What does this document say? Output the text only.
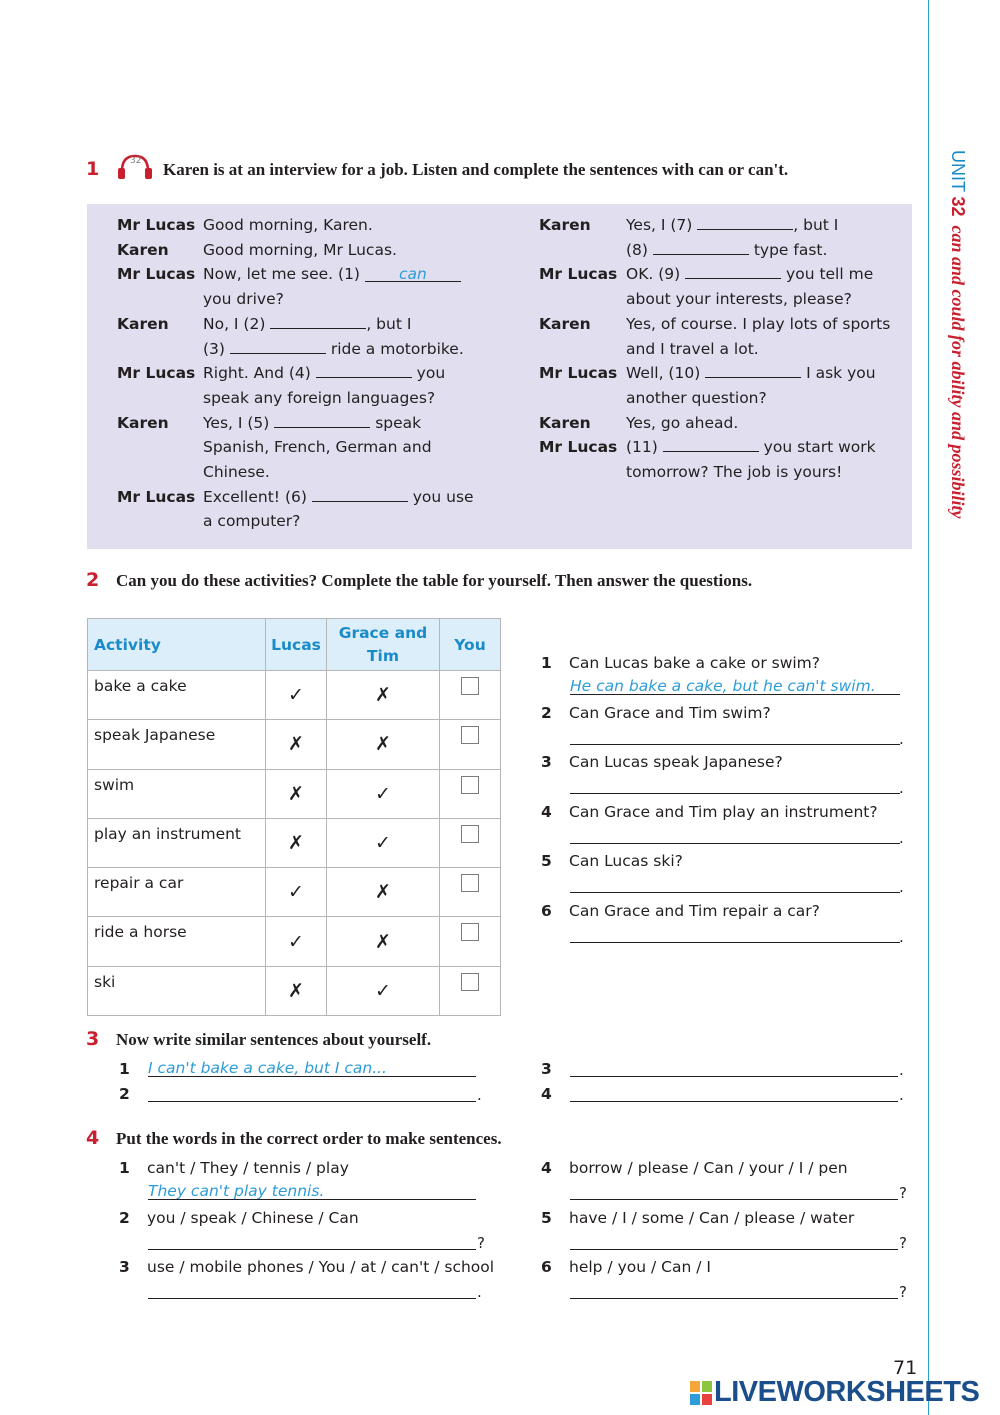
UNIT 32  can and could for ability and possibility
1	32 Karen is at an interview for a job. Listen and complete the sentences with can or can't.
Mr Lucas Good morning, Karen.
Karen Good morning, Mr Lucas.
Mr Lucas Now, let me see. (1) can
you drive?
Karen No, I (2)	, but I
(3)	ride a motorbike.
Mr Lucas Right. And (4)	you
speak any foreign languages?
Karen Yes, I (5)	speak
Spanish, French, German and
Chinese.
Mr Lucas Excellent! (6)	you use
a computer?
Karen Yes, I (7)	, but I
(8)	type fast.
Mr Lucas OK. (9)	you tell me
about your interests, please?
Karen Yes, of course. I play lots of sports
and I travel a lot.
Mr Lucas Well, (10)	I ask you
another question?
Karen Yes, go ahead.
Mr Lucas (11)	you start work
tomorrow? The job is yours!
2 Can you do these activities? Complete the table for yourself. Then answer the questions.
Activity	Lucas	Grace and Tim	You
bake a cake	✓	✗	
speak Japanese	✗	✗	
swim	✗	✓	
play an instrument	✗	✓	
repair a car	✓	✗	
ride a horse	✓	✗	
ski	✗	✓	
1 Can Lucas bake a cake or swim?
He can bake a cake, but he can't swim.
2 Can Grace and Tim swim?
.
3 Can Lucas speak Japanese?
.
4 Can Grace and Tim play an instrument?
.
5 Can Lucas ski?
.
6 Can Grace and Tim repair a car?
.
3 Now write similar sentences about yourself.
1	I can't bake a cake, but I can...
2	.
3	.
4	.
4 Put the words in the correct order to make sentences.
1 can't / They / tennis / play
They can't play tennis.
2 you / speak / Chinese / Can
?
3 use / mobile phones / You / at / can't / school
.
4 borrow / please / Can / your / I / pen
?
5 have / I / some / Can / please / water
?
6 help / you / Can / I
?
71
LIVEWORKSHEETS
